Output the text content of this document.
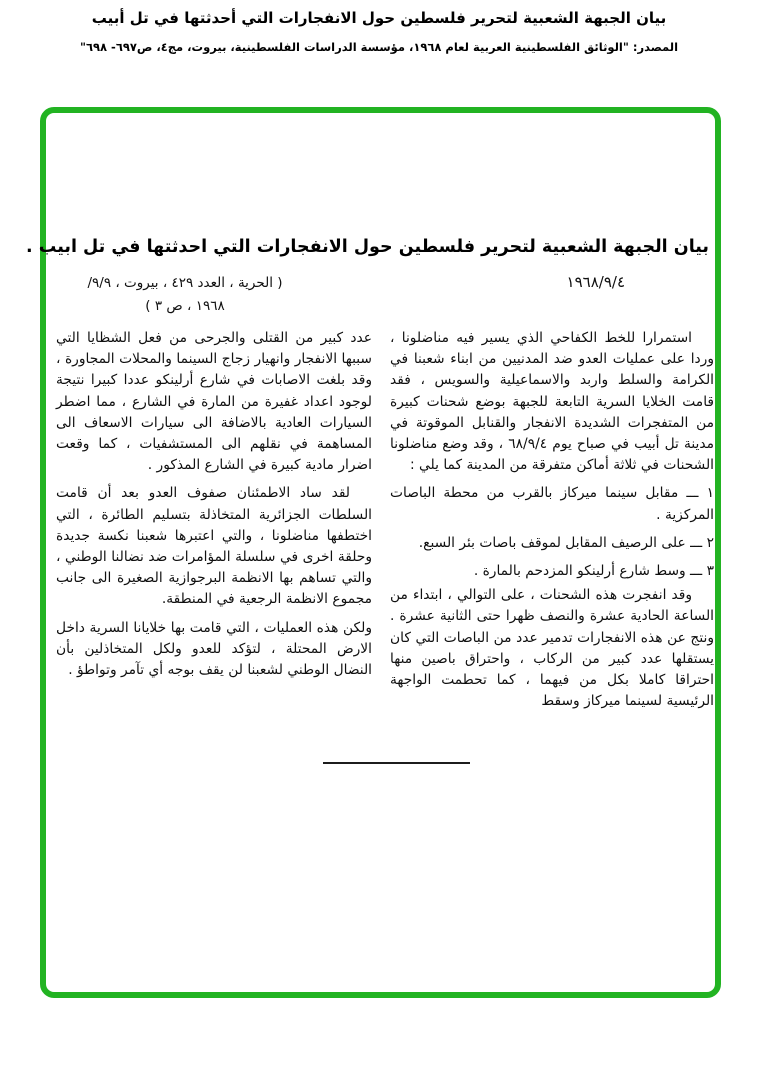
بيان الجبهة الشعبية لتحرير فلسطين حول الانفجارات التي أحدثتها في تل أبيب
المصدر: "الوثائق الفلسطينية العربية لعام ١٩٦٨، مؤسسة الدراسات الفلسطينية، بيروت، مج٤، ص٦٩٧- ٦٩٨"
بيان الجبهة الشعبية لتحرير فلسطين حول الانفجارات التي احدثتها في تل ابيب .
١٩٦٨/٩/٤
( الحرية ، العدد ٤٢٩ ، بيروت ، ٩/٩/
١٩٦٨ ، ص ٣ )

استمرارا للخط الكفاحي الذي يسير فيه مناضلونا ، وردا على عمليات العدو ضد المدنيين من ابناء شعبنا في الكرامة والسلط واربد والاسماعيلية والسويس ، فقد قامت الخلايا السرية التابعة للجبهة بوضع شحنات كبيرة من المتفجرات الشديدة الانفجار والقنابل الموقوتة في مدينة تل أبيب في صباح يوم ٦٨/٩/٤ ، وقد وضع مناضلونا الشحنات في ثلاثة أماكن متفرقة من المدينة كما يلي :

١ ـــ مقابل سينما ميركاز بالقرب من محطة الباصات المركزية .

٢ ـــ على الرصيف المقابل لموقف باصات بئر السبع.

٣ ـــ وسط شارع أرلينكو المزدحم بالمارة .

وقد انفجرت هذه الشحنات ، على التوالي ، ابتداء من الساعة الحادية عشرة والنصف ظهرا حتى الثانية عشرة . ونتج عن هذه الانفجارات تدمير عدد من الباصات التي كان يستقلها عدد كبير من الركاب ، واحتراق باصين منها احتراقا كاملا بكل من فيهما ، كما تحطمت الواجهة الرئيسية لسينما ميركاز وسقط

عدد كبير من القتلى والجرحى من فعل الشظايا التي سببها الانفجار وانهيار زجاج السينما والمحلات المجاورة ، وقد بلغت الاصابات في شارع أرلينكو عددا كبيرا نتيجة لوجود اعداد غفيرة من المارة في الشارع ، مما اضطر السيارات العادية بالاضافة الى سيارات الاسعاف الى المساهمة في نقلهم الى المستشفيات ، كما وقعت اضرار مادية كبيرة في الشارع المذكور .

لقد ساد الاطمئنان صفوف العدو بعد أن قامت السلطات الجزائرية المتخاذلة بتسليم الطائرة ، التي اختطفها مناضلونا ، والتي اعتبرها شعبنا نكسة جديدة وحلقة اخرى في سلسلة المؤامرات ضد نضالنا الوطني ، والتي تساهم بها الانظمة البرجوازية الصغيرة الى جانب مجموع الانظمة الرجعية في المنطقة.

ولكن هذه العمليات ، التي قامت بها خلايانا السرية داخل الارض المحتلة ، لتؤكد للعدو ولكل المتخاذلين بأن النضال الوطني لشعبنا لن يقف بوجه أي تآمر وتواطؤ .
